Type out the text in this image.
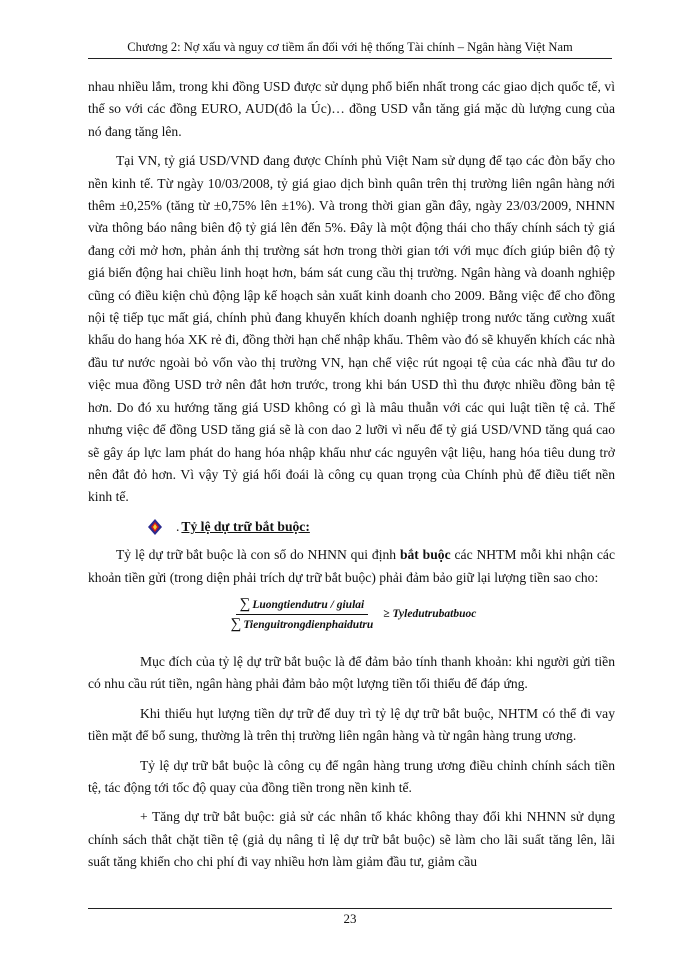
Chương 2: Nợ xấu và nguy cơ tiềm ẩn đối với hệ thống Tài chính – Ngân hàng Việt Nam

nhau nhiều lắm, trong khi đồng USD được sử dụng phổ biến nhất trong các giao dịch quốc tế, vì thế so với các đồng EURO, AUD(đô la Úc)… đồng USD vẫn tăng giá mặc dù lượng cung của nó đang tăng lên.

Tại VN, tỷ giá USD/VND đang được Chính phủ Việt Nam sử dụng để tạo các đòn bẩy cho nền kinh tế. Từ ngày 10/03/2008, tỷ giá giao dịch bình quân trên thị trường liên ngân hàng nới thêm ±0,25% (tăng từ ±0,75% lên ±1%). Và trong thời gian gần đây, ngày 23/03/2009, NHNN vừa thông báo nâng biên độ tỷ giá lên đến 5%. Đây là một động thái cho thấy chính sách tỷ giá đang cởi mở hơn, phản ánh thị trường sát hơn trong thời gian tới với mục đích giúp biên độ tỷ giá biến động hai chiều linh hoạt hơn, bám sát cung cầu thị trường. Ngân hàng và doanh nghiệp cũng có điều kiện chủ động lập kế hoạch sản xuất kinh doanh cho 2009. Bằng việc để cho đồng nội tệ tiếp tục mất giá, chính phủ đang khuyến khích doanh nghiệp trong nước tăng cường xuất khẩu do hang hóa XK rẻ đi, đồng thời hạn chế nhập khẩu. Thêm vào đó sẽ khuyến khích các nhà đầu tư nước ngoài bỏ vốn vào thị trường VN, hạn chế việc rút ngoại tệ của các nhà đầu tư do việc mua đồng USD trở nên đắt hơn trước, trong khi bán USD thì thu được nhiều đồng bản tệ hơn. Do đó xu hướng tăng giá USD không có gì là mâu thuẫn với các qui luật tiền tệ cả. Thế nhưng việc để đồng USD tăng giá sẽ là con dao 2 lưỡi vì nếu để tỷ giá USD/VND tăng quá cao sẽ gây áp lực lam phát do hang hóa nhập khẩu như các nguyên vật liệu, hang hóa tiêu dung trở nên đắt đỏ hơn. Vì vậy Tỷ giá hối đoái là công cụ quan trọng của Chính phủ để điều tiết nền kinh tế.

. Tỷ lệ dự trữ bắt buộc:

Tỷ lệ dự trữ bắt buộc là con số do NHNN qui định bắt buộc các NHTM mỗi khi nhận các khoản tiền gửi (trong diện phải trích dự trữ bắt buộc) phải đảm bảo giữ lại lượng tiền sao cho:

$\frac{\text{∑ Luongtiendutru / giulai}}{\text{∑ Tienguitrongdienphaidutru}}$ ≥ Tyledutrubatbuoc

Mục đích của tỷ lệ dự trữ bắt buộc là để đảm bảo tính thanh khoản: khi người gửi tiền có nhu cầu rút tiền, ngân hàng phải đảm bảo một lượng tiền tối thiểu để đáp ứng.

Khi thiếu hụt lượng tiền dự trữ để duy trì tỷ lệ dự trữ bắt buộc, NHTM có thể đi vay tiền mặt để bổ sung, thường là trên thị trường liên ngân hàng và từ ngân hàng trung ương.

Tỷ lệ dự trữ bắt buộc là công cụ để ngân hàng trung ương điều chỉnh chính sách tiền tệ, tác động tới tốc độ quay của đồng tiền trong nền kinh tế.

+ Tăng dự trữ bắt buộc: giả sử các nhân tố khác không thay đổi khi NHNN sử dụng chính sách thắt chặt tiền tệ (giả dụ nâng tỉ lệ dự trữ bắt buộc) sẽ làm cho lãi suất tăng lên, lãi suất tăng khiến cho chi phí đi vay nhiều hơn làm giảm đầu tư, giảm cầu

23
